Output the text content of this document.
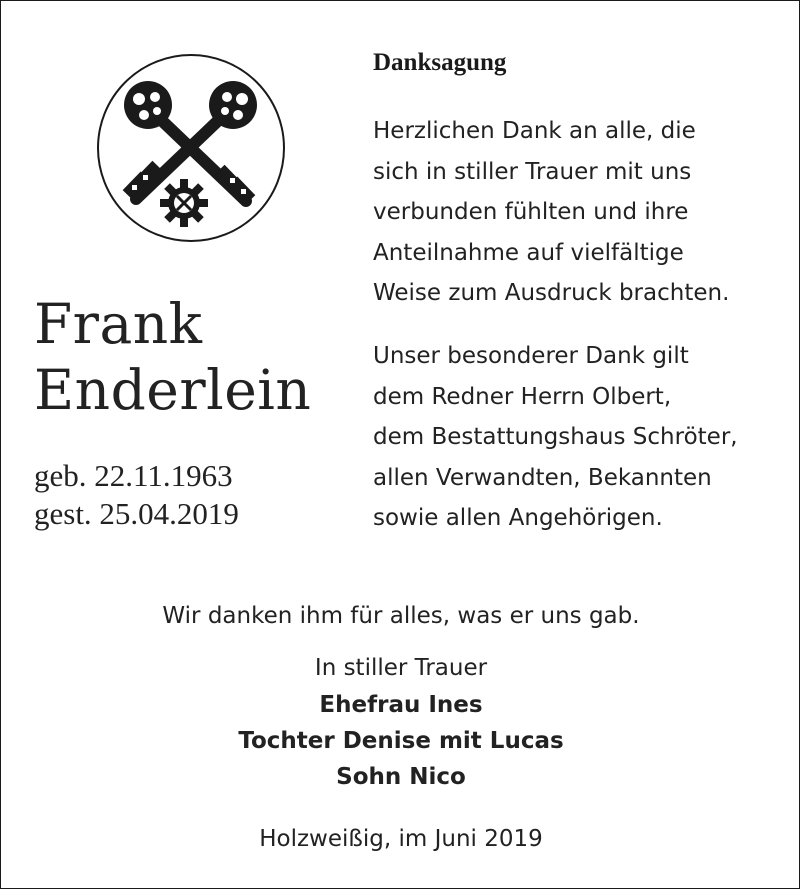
Frank
Enderlein
geb. 22.11.1963
gest. 25.04.2019
Danksagung
Herzlichen Dank an alle, die
sich in stiller Trauer mit uns
verbunden fühlten und ihre
Anteilnahme auf vielfältige
Weise zum Ausdruck brachten.
Unser besonderer Dank gilt
dem Redner Herrn Olbert,
dem Bestattungshaus Schröter,
allen Verwandten, Bekannten
sowie allen Angehörigen.
Wir danken ihm für alles, was er uns gab.
In stiller Trauer
Ehefrau Ines
Tochter Denise mit Lucas
Sohn Nico
Holzweißig, im Juni 2019
